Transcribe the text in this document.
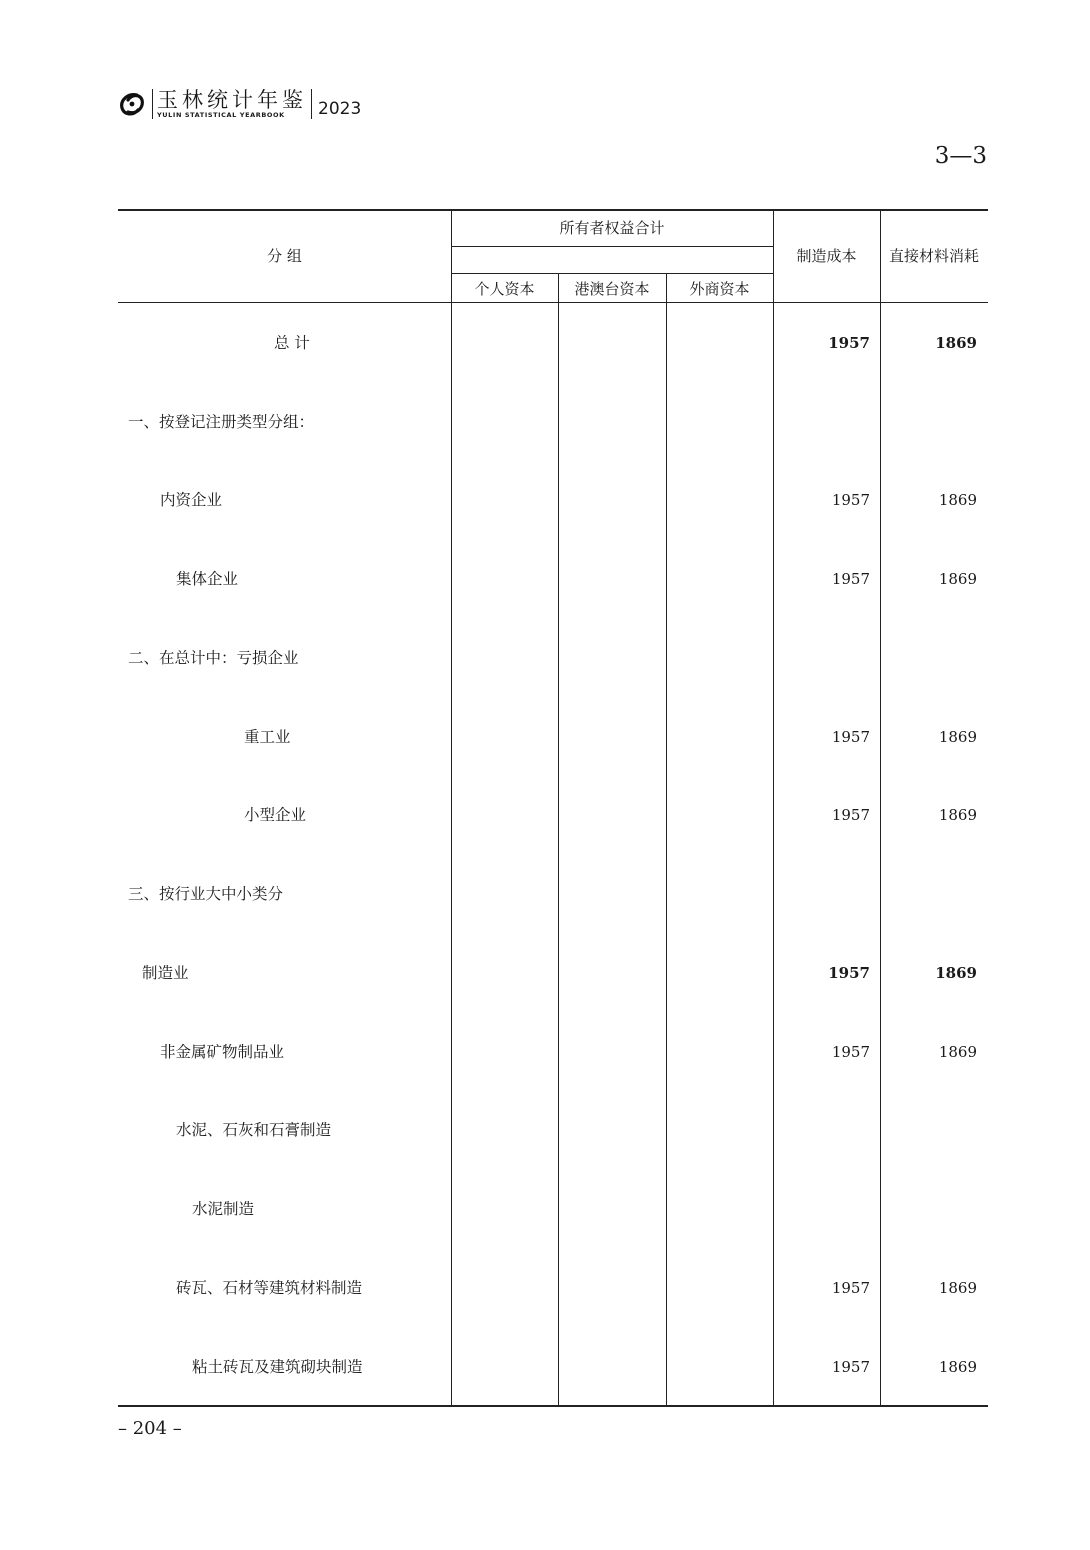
玉林统计年鉴
YULIN STATISTICAL YEARBOOK	2023
3—3
分 组
所有者权益合计
个人资本	港澳台资本	外商资本
制造成本	直接材料消耗
总 计	1957	1869
一、按登记注册类型分组：
内资企业	1957	1869
集体企业	1957	1869
二、在总计中：亏损企业
重工业	1957	1869
小型企业	1957	1869
三、按行业大中小类分
制造业	1957	1869
非金属矿物制品业	1957	1869
水泥、石灰和石膏制造
水泥制造
砖瓦、石材等建筑材料制造	1957	1869
粘土砖瓦及建筑砌块制造	1957	1869
– 204 –
